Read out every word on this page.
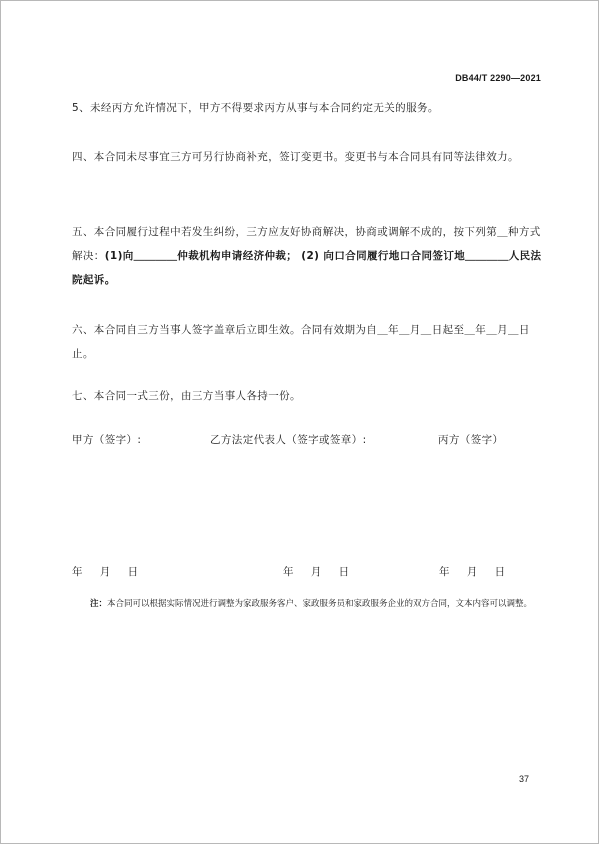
DB44/T 2290—2021
5、未经丙方允许情况下，甲方不得要求丙方从事与本合同约定无关的服务。
四、本合同未尽事宜三方可另行协商补充，签订变更书。变更书与本合同具有同等法律效力。
五、本合同履行过程中若发生纠纷，三方应友好协商解决，协商或调解不成的，按下列第＿种方式解决：(1)向＿＿＿＿仲裁机构申请经济仲裁； (2) 向口合同履行地口合同签订地＿＿＿＿人民法院起诉。
六、本合同自三方当事人签字盖章后立即生效。合同有效期为自＿年＿月＿日起至＿年＿月＿日止。
七、本合同一式三份，由三方当事人各持一份。
甲方（签字）:	乙方法定代表人（签字或签章）:	丙方（签字）
年 月 日	年 月 日	年 月 日
注：本合同可以根据实际情况进行调整为家政服务客户、家政服务员和家政服务企业的双方合同，文本内容可以调整。
37
